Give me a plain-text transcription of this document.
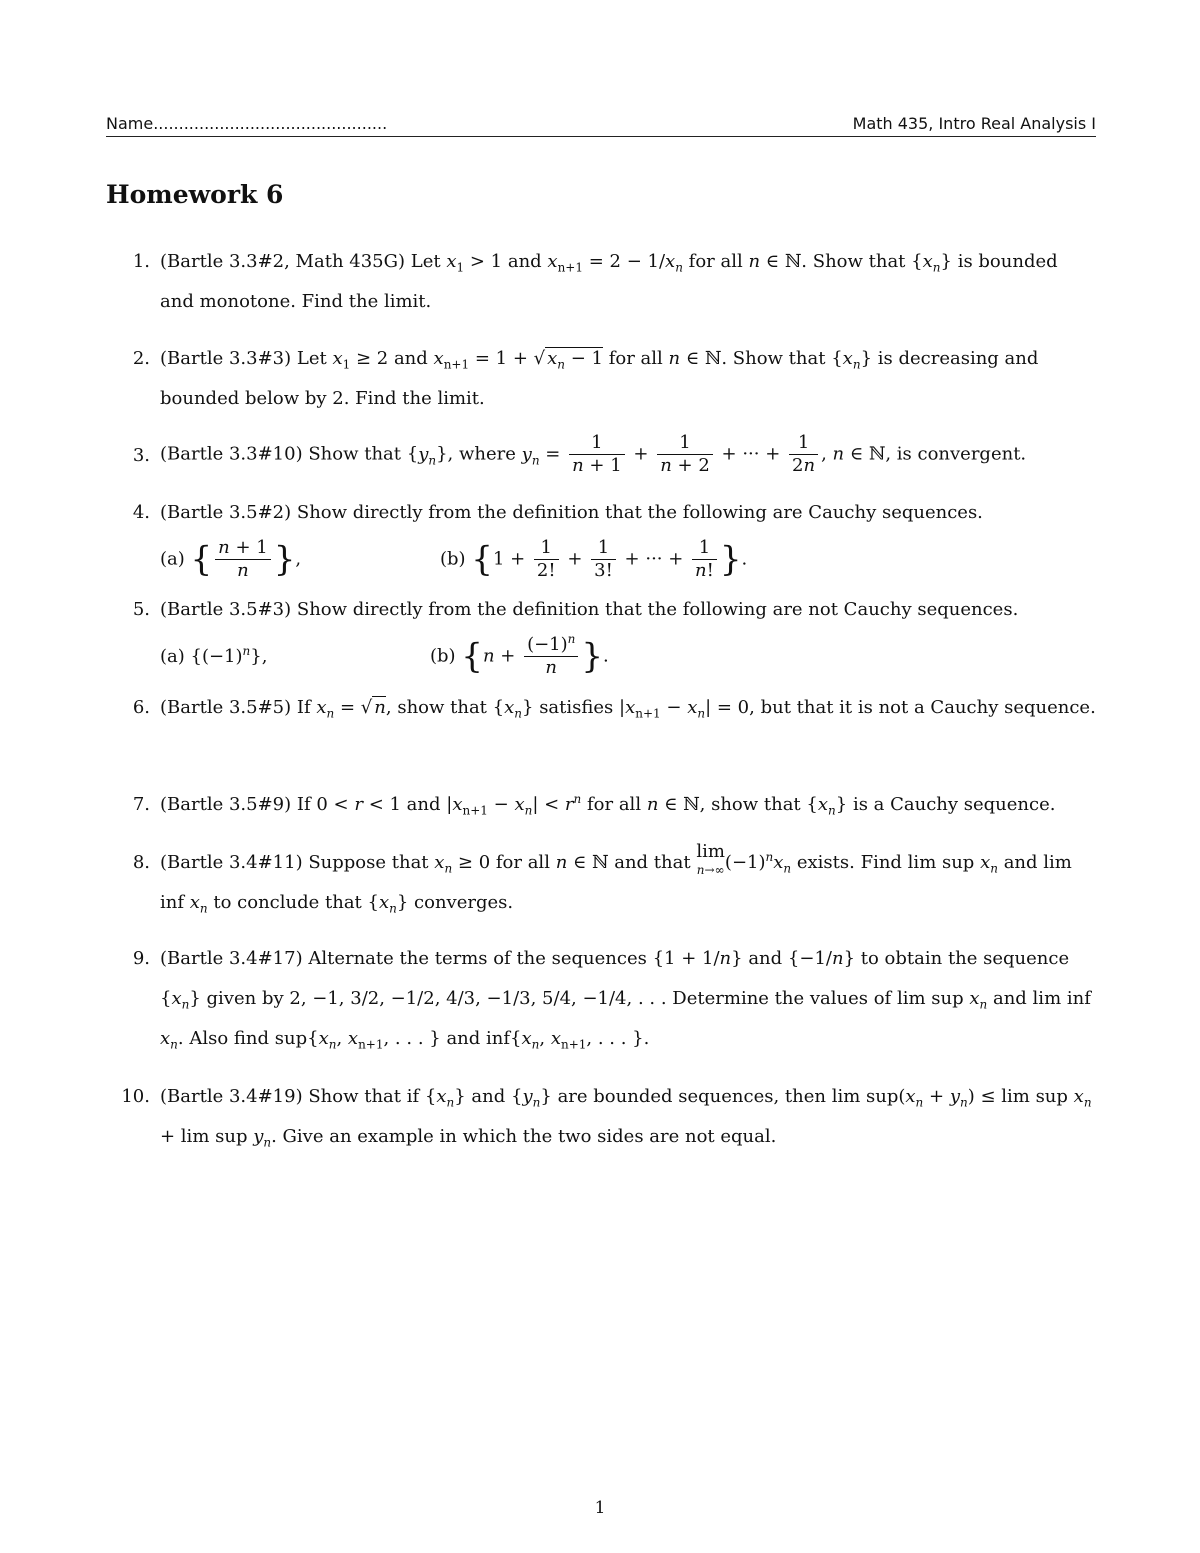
Name..............................................	Math 435, Intro Real Analysis I
Homework 6
1. (Bartle 3.3#2, Math 435G) Let $x_1 > 1$ and $x_{n+1} = 2 - 1/x_n$ for all n ∈ ℕ. Show that $\{x_n\}$ is bounded and monotone. Find the limit.
2. (Bartle 3.3#3) Let $x_1 \ge 2$ and $x_{n+1} = 1$ + √ $x_n - 1$ for all n ∈ ℕ. Show that $\{x_n\}$ is decreasing and bounded below by 2. Find the limit.
3. (Bartle 3.3#10) Show that $\{y_n\}$, where $y_n = \frac{1}{n + 1} + \frac{1}{n + 2}$ + ··· + $\frac{1}{2n}$ , n ∈ ℕ, is convergent.
4. (Bartle 3.5#2) Show directly from the definition that the following are Cauchy sequences.
(a) { $\frac{n + 1}{n}$ },	(b) {$1 + \frac{1}{2!} + \frac{1}{3!}$ + ··· + $\frac{1}{n!}$ }.
5. (Bartle 3.5#3) Show directly from the definition that the following are not Cauchy sequences.
(a) $\{(-1)^n\}$,	(b) {$n + \frac{(-1)^n}{n}$ }.
6. (Bartle 3.5#5) If $x_n$ = √ n, show that $\{x_n\}$ satisfies $|x_{n+1} - x_n| = 0$, but that it is not a Cauchy sequence.
7. (Bartle 3.5#9) If 0 < r < 1 and $|x_{n+1} - x_n| < r^n$ for all n ∈ ℕ, show that $\{x_n\}$ is a Cauchy sequence.
8. (Bartle 3.4#11) Suppose that $x_n \ge 0$ for all n ∈ ℕ and that lim
n→∞ $(-1)^nx_n$ exists. Find lim sup $x_n$ and lim inf $x_n$ to conclude that $\{x_n\}$ converges.
9. (Bartle 3.4#17) Alternate the terms of the sequences {1 + 1/n} and {−1/n} to obtain the sequence $\{x_n\}$ given by 2, −1, 3/2, −1/2, 4/3, −1/3, 5/4, −1/4, . . . Determine the values of lim sup $x_n$ and lim inf $x_n$. Also find $sup\{x_n$, $x_{n+1}$, . . . } and $inf\{x_n$, $x_{n+1}$, . . . }.
10. (Bartle 3.4#19) Show that if $\{x_n\}$ and $\{y_n\}$ are bounded sequences, then $\lim sup(x_n + y_n) \le \lim$ sup $x_n + \lim$ sup $y_n$. Give an example in which the two sides are not equal.
1
